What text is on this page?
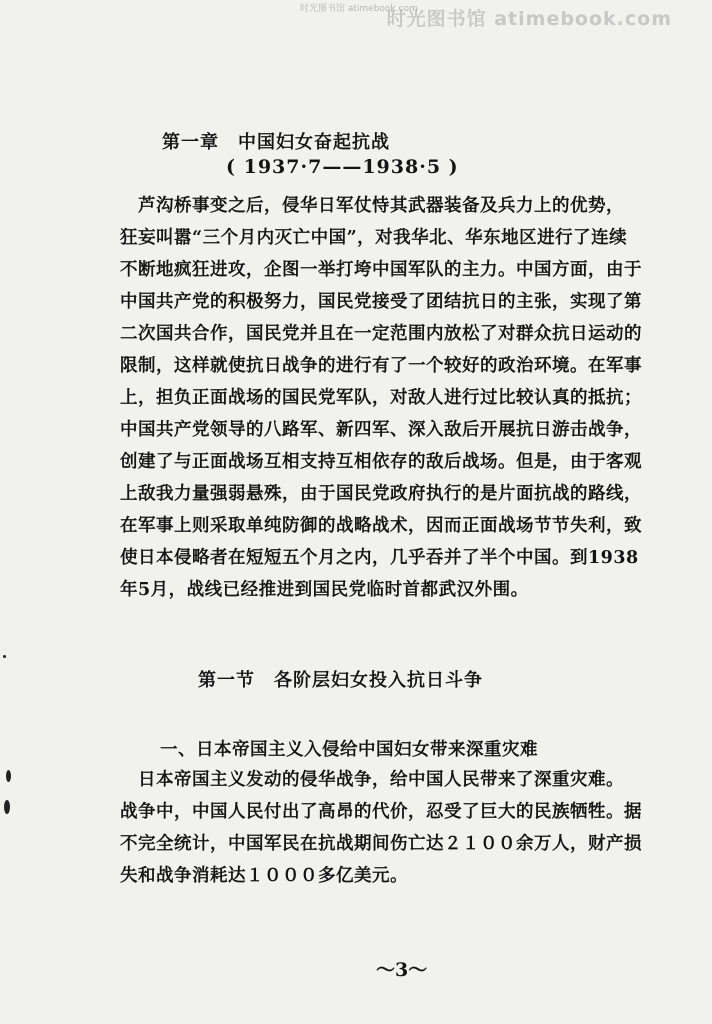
时光图书馆 atimebook.com
时光图书馆 atimebook.com
第一章　中国妇女奋起抗战
( 1937·7——1938·5 )
　芦沟桥事变之后，侵华日军仗恃其武器装备及兵力上的优势，
狂妄叫嚣“三个月内灭亡中国”，对我华北、华东地区进行了连续
不断地疯狂进攻，企图一举打垮中国军队的主力。中国方面，由于
中国共产党的积极努力，国民党接受了团结抗日的主张，实现了第
二次国共合作，国民党并且在一定范围内放松了对群众抗日运动的
限制，这样就使抗日战争的进行有了一个较好的政治环境。在军事
上，担负正面战场的国民党军队，对敌人进行过比较认真的抵抗；
中国共产党领导的八路军、新四军、深入敌后开展抗日游击战争，
创建了与正面战场互相支持互相依存的敌后战场。但是，由于客观
上敌我力量强弱悬殊，由于国民党政府执行的是片面抗战的路线，
在军事上则采取单纯防御的战略战术，因而正面战场节节失利，致
使日本侵略者在短短五个月之内，几乎吞并了半个中国。到1938
年5月，战线已经推进到国民党临时首都武汉外围。
第一节　各阶层妇女投入抗日斗争
一、日本帝国主义入侵给中国妇女带来深重灾难
　日本帝国主义发动的侵华战争，给中国人民带来了深重灾难。
战争中，中国人民付出了高昂的代价，忍受了巨大的民族牺牲。据
不完全统计，中国军民在抗战期间伤亡达２１００余万人，财产损
失和战争消耗达１０００多亿美元。
～3～
